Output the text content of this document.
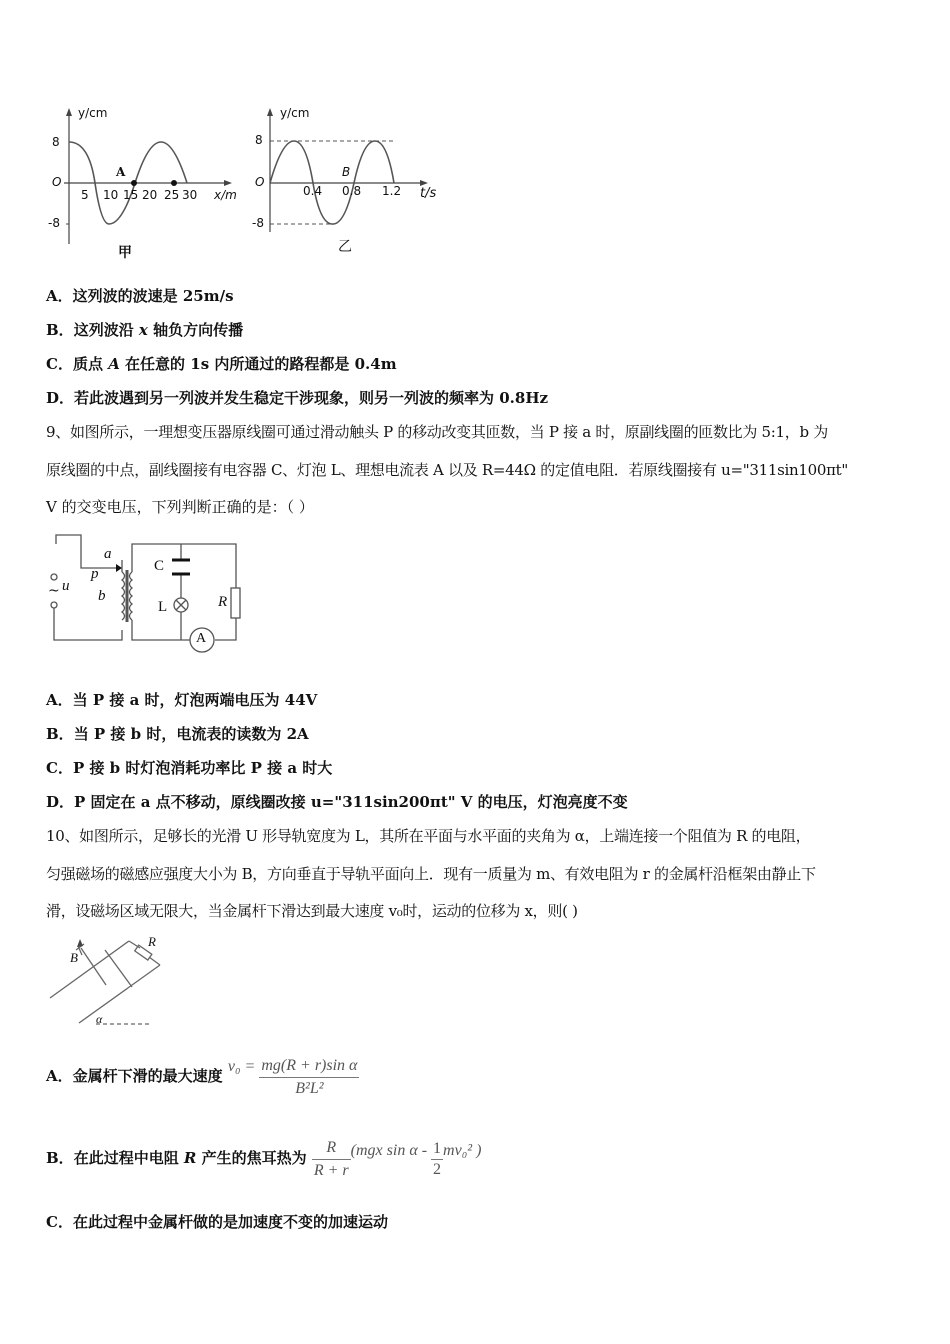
y/cm
8
-8
O
A
5 10 15 20 25 30 x/m
甲
y/cm
8
-8
O
B
0.4 0.8 1.2 t/s
乙
A．这列波的波速是 25m/s
B．这列波沿 x 轴负方向传播
C．质点 A 在任意的 1s 内所通过的路程都是 0.4m
D．若此波遇到另一列波并发生稳定干涉现象，则另一列波的频率为 0.8Hz
9、如图所示，一理想变压器原线圈可通过滑动触头 P 的移动改变其匝数，当 P 接 a 时，原副线圈的匝数比为 5:1，b 为
原线圈的中点，副线圈接有电容器 C、灯泡 L、理想电流表 A 以及 R=44Ω 的定值电阻．若原线圈接有 u="311sin100πt"
V 的交变电压，下列判断正确的是：（ ）
a
p
b
~ u
C
L	R
A
A．当 P 接 a 时，灯泡两端电压为 44V
B．当 P 接 b 时，电流表的读数为 2A
C．P 接 b 时灯泡消耗功率比 P 接 a 时大
D．P 固定在 a 点不移动，原线圈改接 u="311sin200πt" V 的电压，灯泡亮度不变
10、如图所示，足够长的光滑 U 形导轨宽度为 L，其所在平面与水平面的夹角为 α，上端连接一个阻值为 R 的电阻，
匀强磁场的磁感应强度大小为 B，方向垂直于导轨平面向上．现有一质量为 m、有效电阻为 r 的金属杆沿框架由静止下
滑，设磁场区域无限大，当金属杆下滑达到最大速度 v₀时，运动的位移为 x，则( )
B
R
α
A．金属杆下滑的最大速度 $v_0 = \frac{\text{mg(R + r)sin α}}{\text{B²L²}}$
B．在此过程中电阻 R 产生的焦耳热为 $\frac{R}{R + r} (mgx$ sin α - $\frac{1}{2} mv_0^2$ )
C．在此过程中金属杆做的是加速度不变的加速运动
